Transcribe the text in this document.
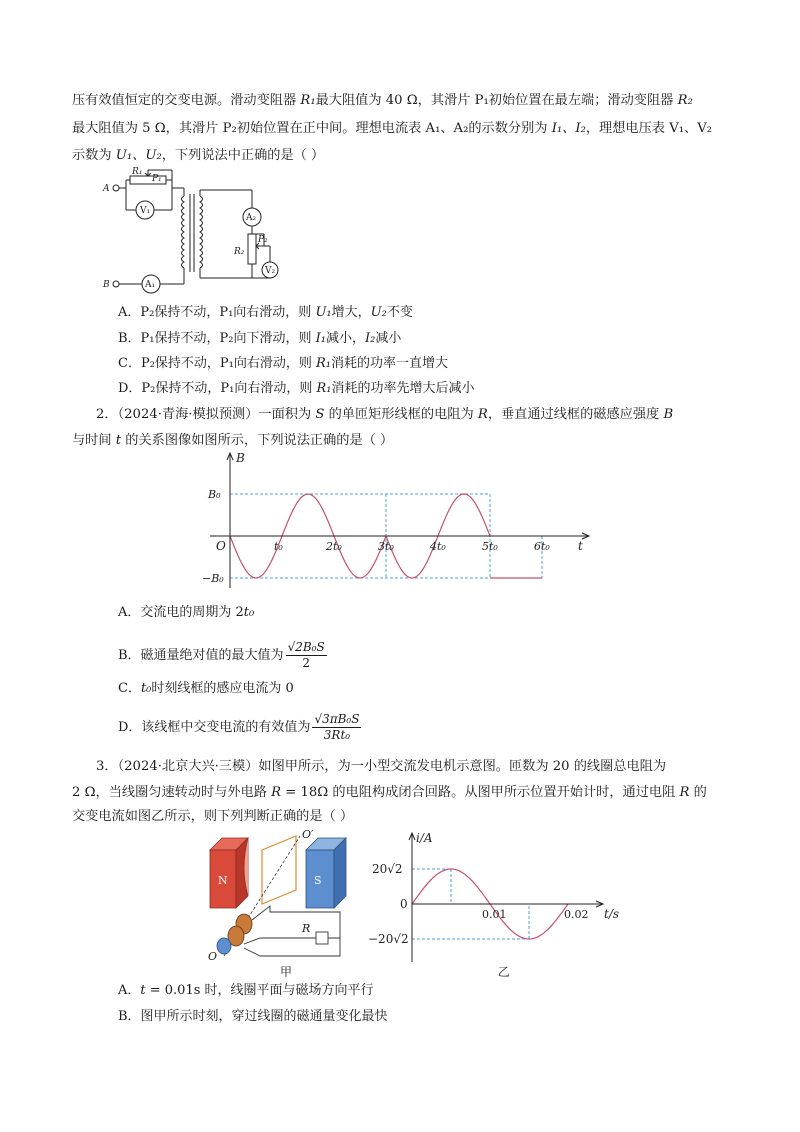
压有效值恒定的交变电源。滑动变阻器 R₁最大阻值为 40 Ω，其滑片 P₁初始位置在最左端；滑动变阻器 R₂
最大阻值为 5 Ω，其滑片 P₂初始位置在正中间。理想电流表 A₁、A₂的示数分别为 I₁、I₂，理想电压表 V₁、V₂
示数为 U₁、U₂，下列说法中正确的是（ ）
A
B
R₁
P₁
V₁
A₂
R₂
P₂
V₂
A₁
A．P₂保持不动，P₁向右滑动，则 U₁增大，U₂不变
B．P₁保持不动，P₂向下滑动，则 I₁减小，I₂减小
C．P₂保持不动，P₁向右滑动，则 R₁消耗的功率一直增大
D．P₂保持不动，P₁向右滑动，则 R₁消耗的功率先增大后减小
2．（2024·青海·模拟预测）一面积为 S 的单匝矩形线框的电阻为 R，垂直通过线框的磁感应强度 B
与时间 t 的关系图像如图所示，下列说法正确的是（ ）
B
t
O
B₀
−B₀
t₀	2t₀	3t₀	4t₀	5t₀	6t₀
A．交流电的周期为 2t₀
B．磁通量绝对值的最大值为 $\frac{\text{√2B₀S}}{2}$
C．t₀时刻线框的感应电流为 0
D．该线框中交变电流的有效值为 $\frac{\text{√3πB₀S}}{\text{3Rt₀}}$
3．（2024·北京大兴·三模）如图甲所示，为一小型交流发电机示意图。匝数为 20 的线圈总电阻为
2 Ω，当线圈匀速转动时与外电路 R = 18Ω 的电阻构成闭合回路。从图甲所示位置开始计时，通过电阻 R 的
交变电流如图乙所示，则下列判断正确的是（ ）
N	S
O′
O
R
甲
i/A
t/s
0
20√2
−20√2
0.01	0.02
乙
A．t = 0.01s 时，线圈平面与磁场方向平行
B．图甲所示时刻，穿过线圈的磁通量变化最快
